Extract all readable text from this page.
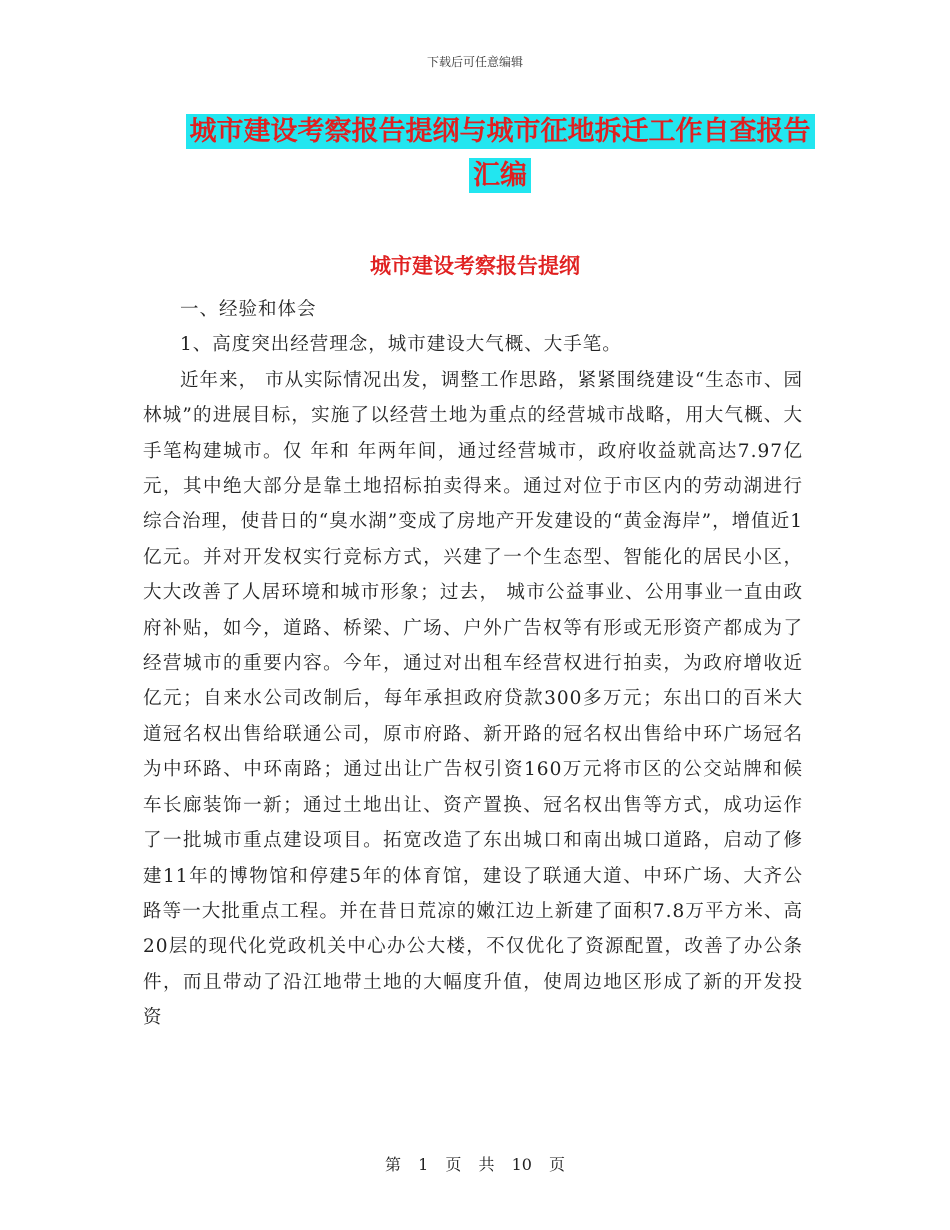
下载后可任意编辑
城市建设考察报告提纲与城市征地拆迁工作自查报告
汇编
城市建设考察报告提纲

一、经验和体会

1、高度突出经营理念，城市建设大气概、大手笔。

近年来， 市从实际情况出发，调整工作思路，紧紧围绕建设“生态市、园林城”的进展目标，实施了以经营土地为重点的经营城市战略，用大气概、大手笔构建城市。仅 年和 年两年间，通过经营城市，政府收益就高达7.97亿元，其中绝大部分是靠土地招标拍卖得来。通过对位于市区内的劳动湖进行综合治理，使昔日的“臭水湖”变成了房地产开发建设的“黄金海岸”，增值近1亿元。并对开发权实行竞标方式，兴建了一个生态型、智能化的居民小区，大大改善了人居环境和城市形象；过去， 城市公益事业、公用事业一直由政府补贴，如今，道路、桥梁、广场、户外广告权等有形或无形资产都成为了经营城市的重要内容。今年，通过对出租车经营权进行拍卖，为政府增收近亿元；自来水公司改制后，每年承担政府贷款300多万元；东出口的百米大道冠名权出售给联通公司，原市府路、新开路的冠名权出售给中环广场冠名为中环路、中环南路；通过出让广告权引资160万元将市区的公交站牌和候车长廊装饰一新；通过土地出让、资产置换、冠名权出售等方式，成功运作了一批城市重点建设项目。拓宽改造了东出城口和南出城口道路，启动了修建11年的博物馆和停建5年的体育馆，建设了联通大道、中环广场、大齐公路等一大批重点工程。并在昔日荒凉的嫩江边上新建了面积7.8万平方米、高20层的现代化党政机关中心办公大楼，不仅优化了资源配置，改善了办公条件，而且带动了沿江地带土地的大幅度升值，使周边地区形成了新的开发投资

第 1 页 共 10 页
